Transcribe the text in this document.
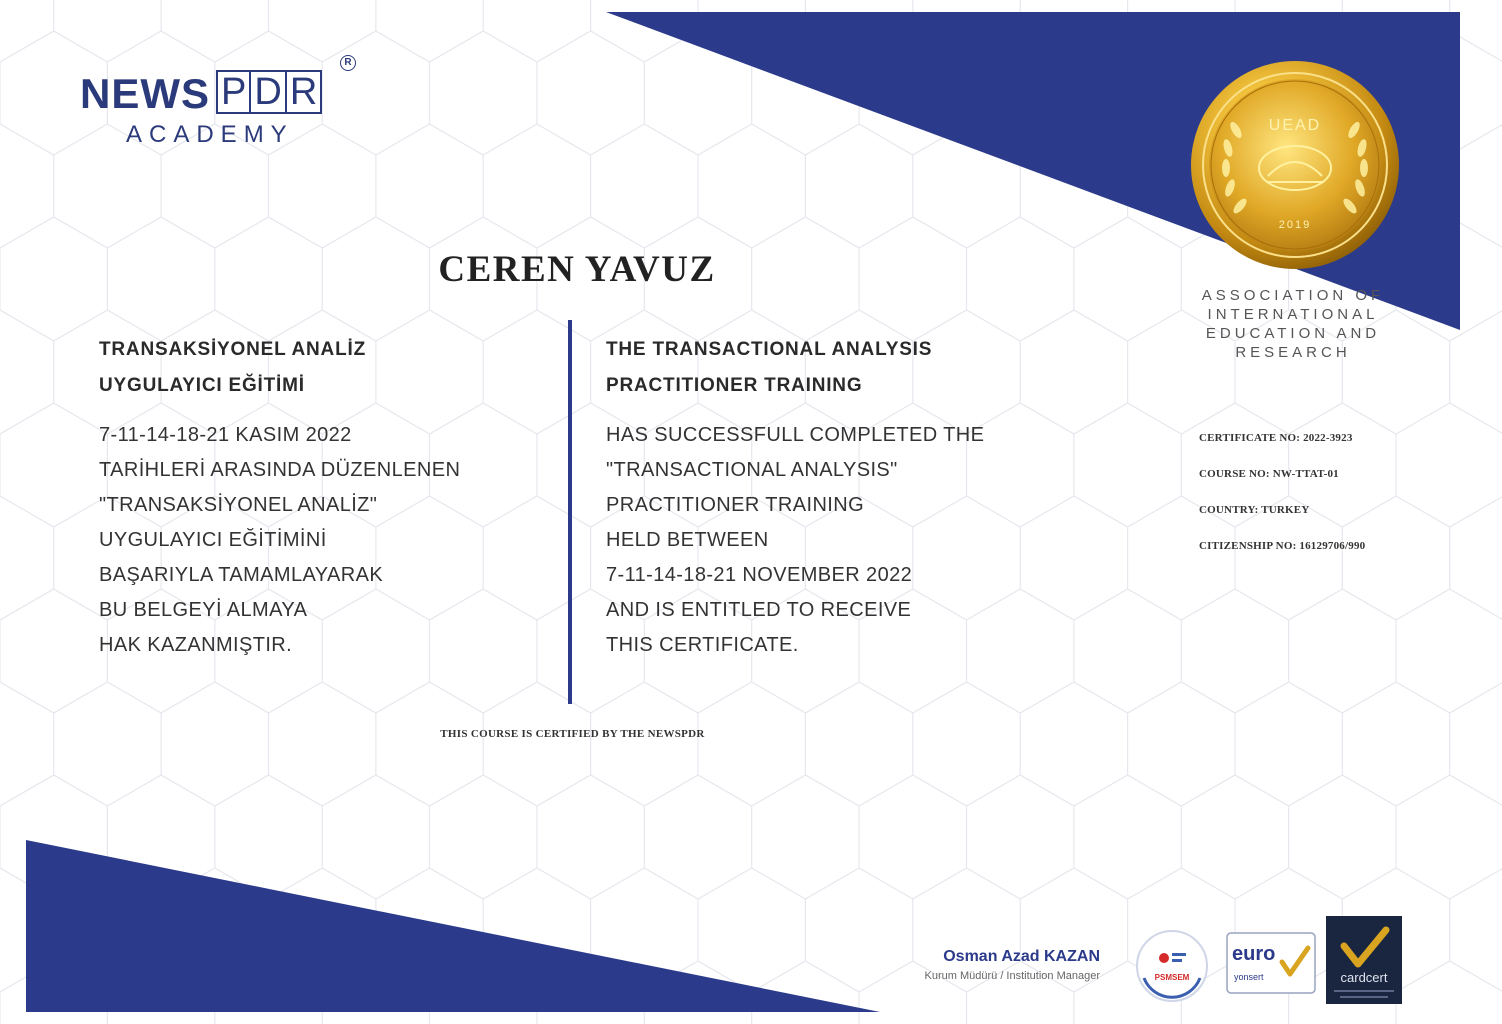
NEWS P D R
R
ACADEMY
CEREN YAVUZ
TRANSAKSİYONEL ANALİZ
UYGULAYICI EĞİTİMİ
7-11-14-18-21 KASIM 2022
TARİHLERİ ARASINDA DÜZENLENEN
"TRANSAKSİYONEL ANALİZ"
UYGULAYICI EĞİTİMİNİ
BAŞARIYLA TAMAMLAYARAK
BU BELGEYİ ALMAYA
HAK KAZANMIŞTIR.
THE TRANSACTIONAL ANALYSIS
PRACTITIONER TRAINING
HAS SUCCESSFULL COMPLETED THE
"TRANSACTIONAL ANALYSIS"
PRACTITIONER TRAINING
HELD BETWEEN
7-11-14-18-21 NOVEMBER 2022
AND IS ENTITLED TO RECEIVE
THIS CERTIFICATE.
THIS COURSE IS CERTIFIED BY THE NEWSPDR
UEAD
2019
ASSOCIATION OF
INTERNATIONAL
EDUCATION AND
RESEARCH
CERTIFICATE NO: 2022-3923
COURSE NO: NW-TTAT-01
COUNTRY: TURKEY
CITIZENSHIP NO: 16129706/990
Osman Azad KAZAN
Kurum Müdürü / Institution Manager	PSMSEM
euro
yonsert	cardcert
